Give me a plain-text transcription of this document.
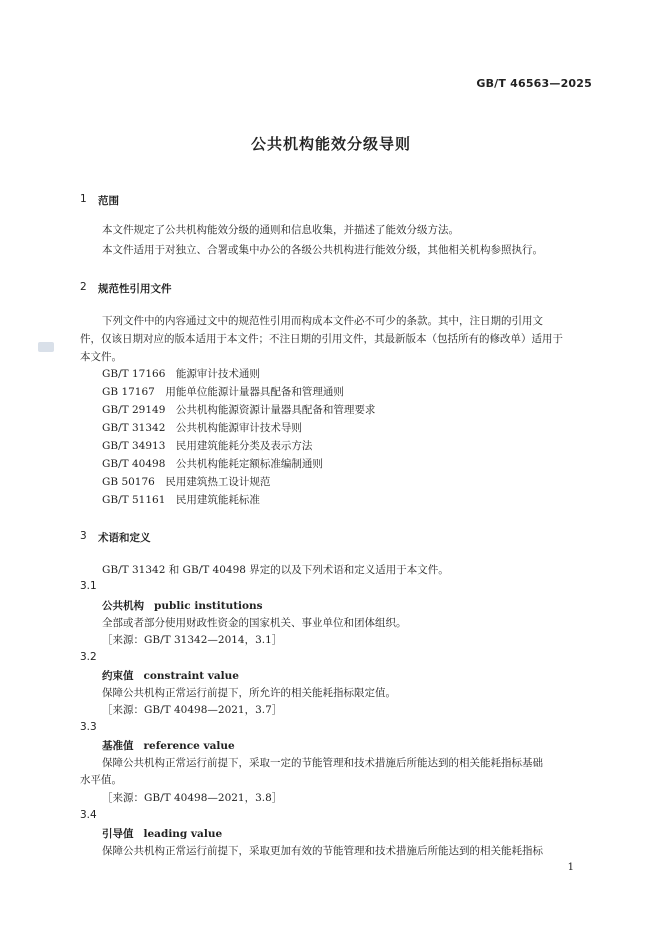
GB/T 46563—2025
公共机构能效分级导则
1 范围
本文件规定了公共机构能效分级的通则和信息收集，并描述了能效分级方法。
本文件适用于对独立、合署或集中办公的各级公共机构进行能效分级，其他相关机构参照执行。
2 规范性引用文件
下列文件中的内容通过文中的规范性引用而构成本文件必不可少的条款。其中，注日期的引用文
件，仅该日期对应的版本适用于本文件；不注日期的引用文件，其最新版本（包括所有的修改单）适用于
本文件。
GB/T 17166　 能源审计技术通则
GB 17167　 用能单位能源计量器具配备和管理通则
GB/T 29149　 公共机构能源资源计量器具配备和管理要求
GB/T 31342　 公共机构能源审计技术导则
GB/T 34913　 民用建筑能耗分类及表示方法
GB/T 40498　 公共机构能耗定额标准编制通则
GB 50176　 民用建筑热工设计规范
GB/T 51161　 民用建筑能耗标准
3 术语和定义
GB/T 31342 和 GB/T 40498 界定的以及下列术语和定义适用于本文件。
3.1
公共机构 public institutions
全部或者部分使用财政性资金的国家机关、事业单位和团体组织。
［来源：GB/T 31342—2014，3.1］
3.2
约束值 constraint value
保障公共机构正常运行前提下，所允许的相关能耗指标限定值。
［来源：GB/T 40498—2021，3.7］
3.3
基准值 reference value
保障公共机构正常运行前提下，采取一定的节能管理和技术措施后所能达到的相关能耗指标基础
水平值。
［来源：GB/T 40498—2021，3.8］
3.4
引导值 leading value
保障公共机构正常运行前提下，采取更加有效的节能管理和技术措施后所能达到的相关能耗指标
1
